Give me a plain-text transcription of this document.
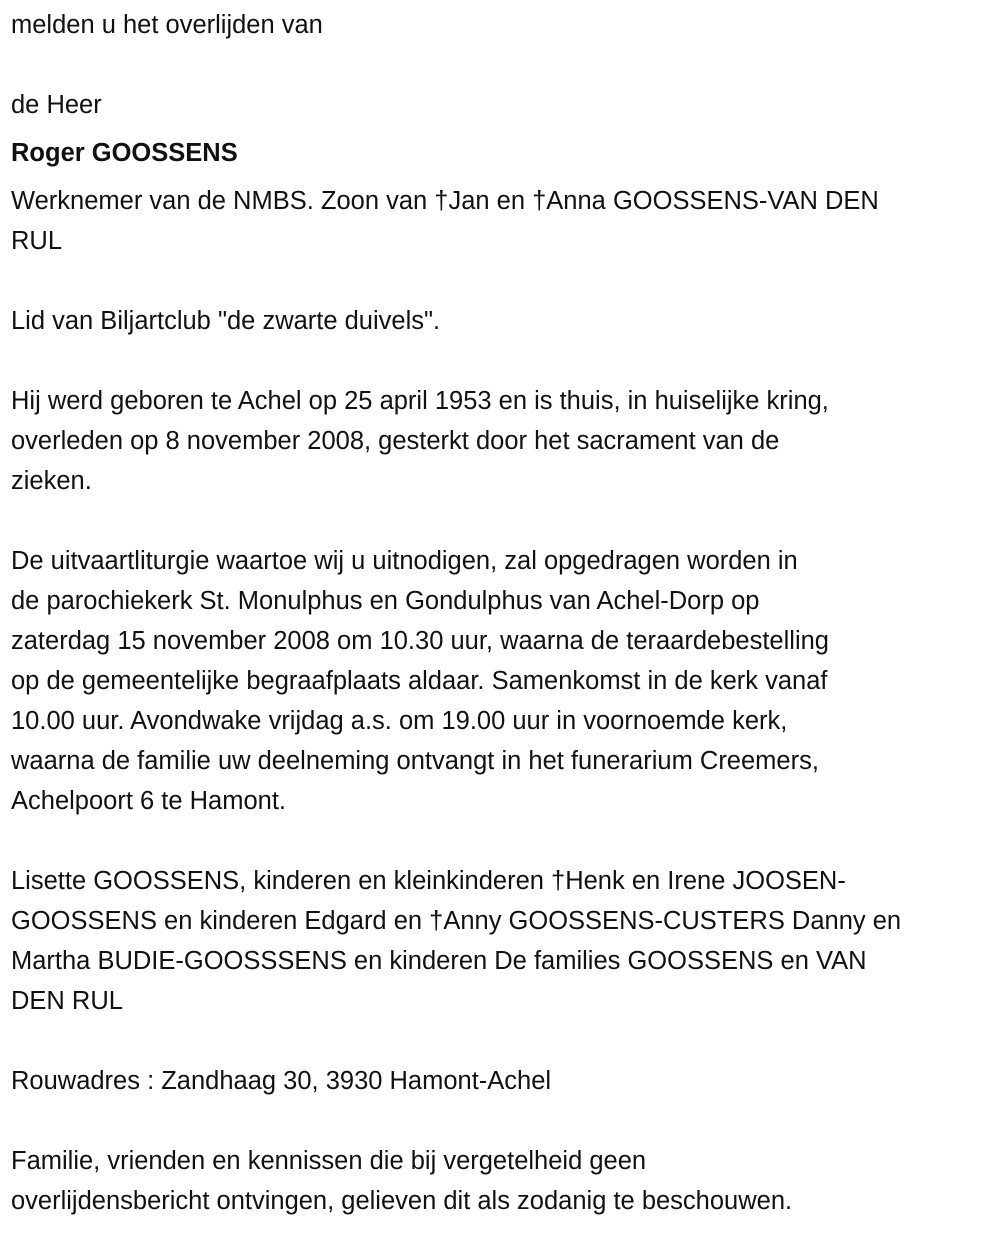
melden u het overlijden van
de Heer
Roger GOOSSENS
Werknemer van de NMBS. Zoon van †Jan en †Anna GOOSSENS-VAN DEN
RUL
Lid van Biljartclub "de zwarte duivels".
Hij werd geboren te Achel op 25 april 1953 en is thuis, in huiselijke kring,
overleden op 8 november 2008, gesterkt door het sacrament van de
zieken.
De uitvaartliturgie waartoe wij u uitnodigen, zal opgedragen worden in
de parochiekerk St. Monulphus en Gondulphus van Achel-Dorp op
zaterdag 15 november 2008 om 10.30 uur, waarna de teraardebestelling
op de gemeentelijke begraafplaats aldaar. Samenkomst in de kerk vanaf
10.00 uur. Avondwake vrijdag a.s. om 19.00 uur in voornoemde kerk,
waarna de familie uw deelneming ontvangt in het funerarium Creemers,
Achelpoort 6 te Hamont.
Lisette GOOSSENS, kinderen en kleinkinderen †Henk en Irene JOOSEN-
GOOSSENS en kinderen Edgard en †Anny GOOSSENS-CUSTERS Danny en
Martha BUDIE-GOOSSSENS en kinderen De families GOOSSENS en VAN
DEN RUL
Rouwadres : Zandhaag 30, 3930 Hamont-Achel
Familie, vrienden en kennissen die bij vergetelheid geen
overlijdensbericht ontvingen, gelieven dit als zodanig te beschouwen.
